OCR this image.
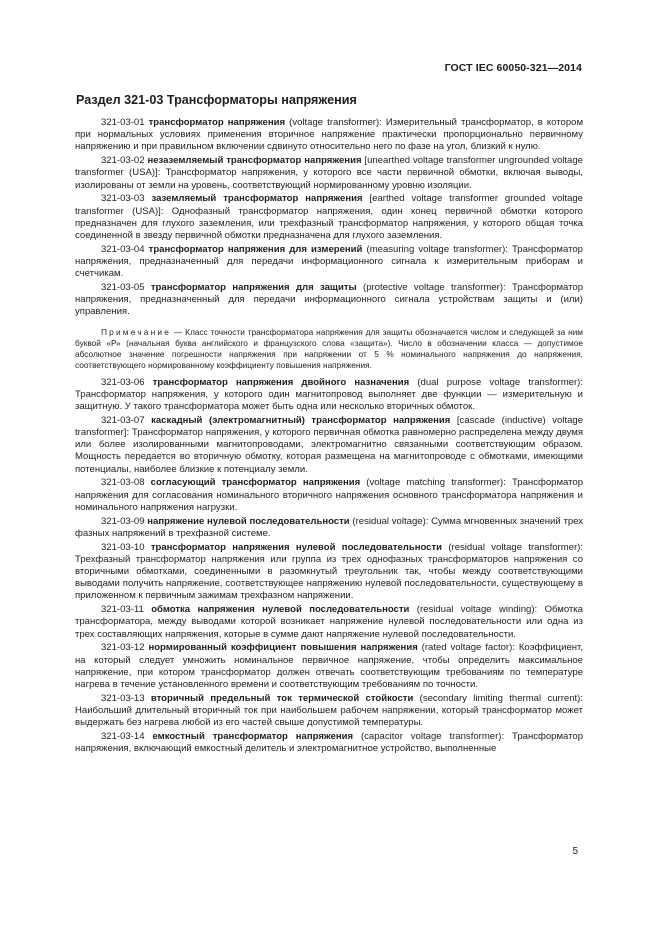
ГОСТ IEC 60050-321—2014
Раздел 321-03 Трансформаторы напряжения

321-03-01 трансформатор напряжения (voltage transformer): Измерительный трансформатор, в котором при нормальных условиях применения вторичное напряжение практически пропорционально первичному напряжению и при правильном включении сдвинуто относительно него по фазе на угол, близкий к нулю.

321-03-02 незаземляемый трансформатор напряжения [unearthed voltage transformer ungrounded voltage transformer (USA)]: Трансформатор напряжения, у которого все части первичной обмотки, включая выводы, изолированы от земли на уровень, соответствующий нормированному уровню изоляции.

321-03-03 заземляемый трансформатор напряжения [earthed voltage transformer grounded voltage transformer (USA)]: Однофазный трансформатор напряжения, один конец первичной обмотки которого предназначен для глухого заземления, или трехфазный трансформатор напряжения, у которого общая точка соединенной в звезду первичной обмотки предназначена для глухого заземления.

321-03-04 трансформатор напряжения для измерений (measuring voltage transformer): Трансформатор напряжения, предназначенный для передачи информационного сигнала к измерительным приборам и счетчикам.

321-03-05 трансформатор напряжения для защиты (protective voltage transformer): Трансформатор напряжения, предназначенный для передачи информационного сигнала устройствам защиты и (или) управления.

Примечание — Класс точности трансформатора напряжения для защиты обозначается числом и следующей за ним буквой «Р» (начальная буква английского и французского слова «защита»). Число в обозначении класса — допустимое абсолютное значение погрешности напряжения при напряжении от 5 % номинального напряжения до напряжения, соответствующего нормированному коэффициенту повышения напряжения.

321-03-06 трансформатор напряжения двойного назначения (dual purpose voltage transformer): Трансформатор напряжения, у которого один магнитопровод выполняет две функции — измерительную и защитную. У такого трансформатора может быть одна или несколько вторичных обмоток.

321-03-07 каскадный (электромагнитный) трансформатор напряжения [cascade (inductive) voltage transformer]: Трансформатор напряжения, у которого первичная обмотка равномерно распределена между двумя или более изолированными магнитопроводами, электромагнитно связанными соответствующим образом. Мощность передается во вторичную обмотку, которая размещена на магнитопроводе с обмотками, имеющими потенциалы, наиболее близкие к потенциалу земли.

321-03-08 согласующий трансформатор напряжения (voltage matching transformer): Трансформатор напряжения для согласования номинального вторичного напряжения основного трансформатора напряжения и номинального напряжения нагрузки.

321-03-09 напряжение нулевой последовательности (residual voltage): Сумма мгновенных значений трех фазных напряжений в трехфазной системе.

321-03-10 трансформатор напряжения нулевой последовательности (residual voltage transformer): Трехфазный трансформатор напряжения или группа из трех однофазных трансформаторов напряжения со вторичными обмотками, соединенными в разомкнутый треугольник так, чтобы между соответствующими выводами получить напряжение, соответствующее напряжению нулевой последовательности, существующему в приложенном к первичным зажимам трехфазном напряжении.

321-03-11 обмотка напряжения нулевой последовательности (residual voltage winding): Обмотка трансформатора, между выводами которой возникает напряжение нулевой последовательности или одна из трех составляющих напряжения, которые в сумме дают напряжение нулевой последовательности.

321-03-12 нормированный коэффициент повышения напряжения (rated voltage factor): Коэффициент, на который следует умножить номинальное первичное напряжение, чтобы определить максимальное напряжение, при котором трансформатор должен отвечать соответствующим требованиям по температуре нагрева в течение установленного времени и соответствующим требованиям по точности.

321-03-13 вторичный предельный ток термической стойкости (secondary limiting thermal current): Наибольший длительный вторичный ток при наибольшем рабочем напряжении, который трансформатор может выдержать без нагрева любой из его частей свыше допустимой температуры.

321-03-14 емкостный трансформатор напряжения (capacitor voltage transformer): Трансформатор напряжения, включающий емкостный делитель и электромагнитное устройство, выполненные

5
